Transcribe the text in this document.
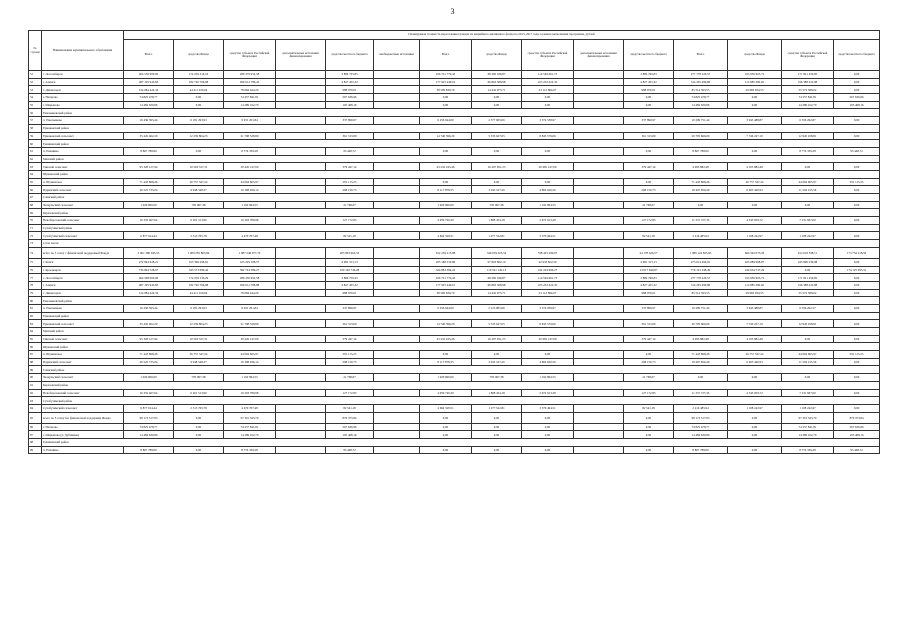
3
№ строки	Наименование муниципального образования	Планируемая стоимость переселения граждан из аварийного жилищного фонда на 2013–2017 годы в рамках выполнения программы, рублей														
		Всего	средства Фонда	средства субъекта Российской Федерации	дополнительные источники финансирования	средства местного бюджета	внебюджетные источники	Всего	средства Фонда	средства субъекта Российской Федерации	дополнительные источники финансирования	средства местного бюджета	Всего	средства Фонда	средства субъекта Российской Федерации	средства местного бюджета
51	г. Лесосибирск	464 550 900,00	174 239 316,16	286 379 952,58		3 884 735,85		166 721 779,43	68 282 186,87	114 564 661,73		3 884 760,83	277 778 220,57	105 956 905,72	171 821 450,85	0,00
52	г. Ачинск	487 195 945,83	182 720 706,98	299 612 786,43		4 827 455,32		177 925 449,01	66 863 368,98	103 232 622,35		4 827 455,32	314 265 499,80	112 885 360,92	196 388 222,88	0,00
53	г. Дивногорск	124 084 424,34	44 411 010,04	78 684 444,29		988 970,01		38 569 839,79	14 432 075,71	23 112 864,67		988 970,01	85 514 593,55	29 983 934,53	55 572 589,62	0,00
54	г. Назарово	74 825 478,77	0,00	74 257 841,81		567 636,96		0,00	0,00	0,00		0,00	74 825 478,77	0,00	74 257 841,81	567 636,96
55	г. Шарыпово	14 484 630,86	0,00	14 289 162,70		195 468,16		0,00	0,00	0,00		0,00	14 484 630,86	0,00	14 289 162,70	195 468,16
56	Емельяновский район															
57	п. Емельяново	16 436 395,44	6 181 293,93	9 931 201,84		337 899,97		6 256 644,00	2 377 605,06	3 574 538,97		337 899,97	10 299 751,44	3 943 488,87	6 356 262,87	0,00
58	Ермаковский район															
59	Ермаковский сельсовет	35 445 462,20	12 259 804,23	21 798 528,89		361 313,09		14 740 396,29	5 335 627,05	8 845 579,06		361 313,09	20 705 666,00	7 746 227,19	12 945 458,81	0,00
60	Енашимский район															
61	п. Енашимо	8 867 788,90	0,00	8 774 339,28		93 448,72		0,00	0,00	0,00		0,00	8 867 788,00	0,00	8 774 339,28	93 448,72
62	Манский район															
63	Тинской сельсовет	95 328 127,94	10 503 537,31	30 445 147,09		379 447,14		43 232 245,46	16 297 651,23	20 465 147,09		379 447,14	4 095 882,48	4 105 882,48	0,00	0,00
64	Шушенский район															
65	п. Шушенское	71 443 868,46	26 757 347,24	44 094 605,97		591 115,25		0,00	0,00	0,00		0,00	71 443 868,46	26 757 347,24	44 094 605,97	591 115,25
66	Идринский сельсовет	26 525 735,04	9 948 548,37	16 308 036,14		268 150,73		8 117 878,55	3 045 107,26	4 864 620,56		208 150,73	18 407 856,49	6 903 440,93	11 504 415,56	0,00
67	Саянский район															
68	Чечеульский сельсовет	1 920 600,00	705 967,38	1 192 864,55		21 768,07		1 920 600,00	705 967,38	1 192 864,55		21 768,07	0,00	0,00	0,00	0,00
69	Березовский район															
70	Новоберезовский сельсовет	16 332 467,64	6 261 513,90	10 203 780,98		127 172,83		4 959 740,29	1 868 454,18	2 972 913,28		127 172,83	11 372 727,35	4 343 059,72	7 231 667,00	0,00
71	Сухобузимский район															
72	Сухобузимский сельсовет	6 877 914,44	2 315 765,78	4 470 707,48		82 541,18		4 664 528,51	1 277 522,81	3 370 464,51		82 541,18	2 216 485,94	1 108 242,97	1 108 242,97	0,00
73	в том числе:															
74	всего по 3 этапу с финансовой поддержкой Фонда	2 001 386 945,53	1 009 281 863,84	1 087 248 077,70		205 893 662,53		912 259 213,98	349 659 205,54	538 425 499,67		24 178 426,57	1 089 124 825,93	664 592 073,26	912 018 538,11	173 734 218,56
75	г. Канск	272 844 628,21	105 369 296,81	165 229 108,57		4 981 313,13		265 186 532,86	97 818 862,10	42 933 822,59		4 981 313,13	473 614 494,81	425 089 968,87	245 806 239,98	0,00
76	г. Красноярск	734 844 728,67	343 573 089,42	392 724 586,27		100 140 746,28		324 883 384,22	119 541 145,13	192 224 966,27		13 017 640,87	779 191 348,40	224 034 737,29	0,00	174 125 095,31
77	г. Лесосибирск	464 508 000,00	174 239 136,29	286 330 992,58		3 884 750,43		166 721 779,43	68 282 186,87	114 564 661,73		3 884 760,83	277 778 220,57	105 956 905,72	171 821 450,85	0,00
78	г. Ачинск	487 195 945,83	182 720 706,98	299 612 788,88		4 827 455,32		177 925 449,01	66 863 368,98	103 232 622,35		4 827 455,32	314 265 499,80	112 885 360,92	196 388 222,88	0,00
79	г. Дивногорск	124 084 424,34	44 411 010,04	78 684 444,29		988 970,01		38 569 839,79	14 432 075,71	23 112 864,67		988 970,01	85 514 593,55	29 983 934,53	55 572 589,62	0,00
80	Емельяновский район															
81	п. Емельяново	16 436 595,44	6 181 293,93	9 931 201,84		337 899,97		6 256 644,00	2 213 805,66	3 574 938,97		337 899,97	10 299 751,44	3 943 488,87	6 356 262,57	0,00
82	Ермаковский район															
83	Ермаковский сельсовет	35 445 462,20	12 259 804,23	21 798 528,89		361 313,09		14 740 396,29	5 335 627,05	8 845 579,06		361 313,09	20 705 666,00	7 740 227,19	12 945 458,81	0,00
84	Манский район															
85	Тинской сельсовет	95 328 127,94	10 503 537,31	30 445 147,09		379 447,14		43 232 245,46	16 297 651,23	20 465 147,09		379 447,14	4 095 882,48	4 105 882,48	0,00	0,00
86	Шушенский район															
87	п. Шушенское	71 443 868,46	26 757 347,24	44 094 605,97		591 115,25		0,00	0,00	0,00		0,00	71 443 868,46	26 757 347,24	44 094 605,97	591 115,25
88	Идринский сельсовет	26 525 735,04	9 948 548,37	16 308 036,14		268 150,73		8 117 878,55	3 045 107,26	4 864 620,56		208 150,73	18 407 856,49	6 903 440,93	11 504 415,56	0,00
89	Саянский район															
90	Чечеульский сельсовет	1 920 600,00	705 967,38	1 192 864,55		21 768,07		1 920 600,00	705 967,38	1 192 864,55		21 768,07	0,00	0,00	0,00	0,00
91	Березовский район															
92	Новоберезовский сельсовет	16 332 467,64	6 261 513,90	10 203 780,98		127 172,83		4 959 740,29	1 868 454,18	2 972 913,28		127 172,83	11 372 727,35	4 343 059,72	7 231 667,00	0,00
93	Сухобузимский район															
94	Сухобузимский сельсовет	6 877 914,44	2 315 765,78	4 470 707,48		82 541,18		4 664 528,51	1 277 522,81	3 370 464,51		82 541,18	2 216 485,94	1 108 242,97	1 108 242,97	0,00
95	всего по 3 этапу без финансовой поддержки Фонда	98 173 517,83	0,00	97 301 343,79		876 373,84		0,00	0,00	0,00		0,00	98 173 517,83	0,00	97 301 343,79	876 373,84
96	г. Назарово	74 825 478,77	0,00	74 257 841,81		567 636,96		0,00	0,00	0,00		0,00	74 825 478,77	0,00	74 257 841,81	567 636,96
97	г. Шарыпово (п. Дубинино)	14 484 630,86	0,00	14 289 162,70		195 468,16		0,00	0,00	0,00		0,00	14 484 630,86	0,00	14 289 162,70	195 468,16
98	Енашимский район															
99	п. Енашимо	8 867 788,00	0,00	8 774 339,28		93 448,72		0,00	0,00	0,00		0,00	8 867 788,00	0,00	8 774 339,28	93 448,72
